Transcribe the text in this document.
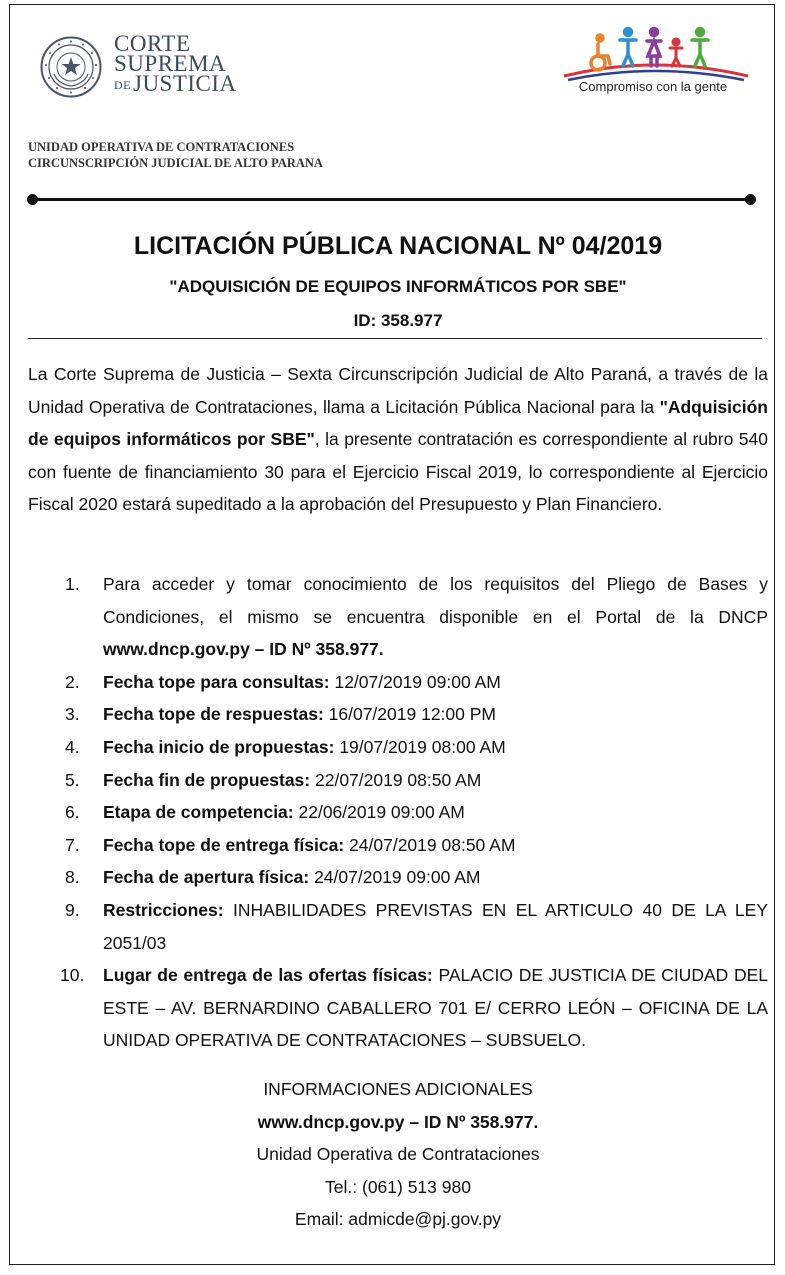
CORTE
SUPREMA
DEJUSTICIA	Compromiso con la gente
UNIDAD OPERATIVA DE CONTRATACIONES
CIRCUNSCRIPCIÓN JUDICIAL DE ALTO PARANA
LICITACIÓN PÚBLICA NACIONAL Nº 04/2019
"ADQUISICIÓN DE EQUIPOS INFORMÁTICOS POR SBE"
ID: 358.977
La Corte Suprema de Justicia – Sexta Circunscripción Judicial de Alto Paraná, a través de la Unidad Operativa de Contrataciones, llama a Licitación Pública Nacional para la "Adquisición de equipos informáticos por SBE", la presente contratación es correspondiente al rubro 540 con fuente de financiamiento 30 para el Ejercicio Fiscal 2019, lo correspondiente al Ejercicio Fiscal 2020 estará supeditado a la aprobación del Presupuesto y Plan Financiero.
1.	Para acceder y tomar conocimiento de los requisitos del Pliego de Bases y Condiciones, el mismo se encuentra disponible en el Portal de la DNCP www.dncp.gov.py – ID Nº 358.977.
2.	Fecha tope para consultas: 12/07/2019 09:00 AM
3.	Fecha tope de respuestas: 16/07/2019 12:00 PM
4.	Fecha inicio de propuestas: 19/07/2019 08:00 AM
5.	Fecha fin de propuestas: 22/07/2019 08:50 AM
6.	Etapa de competencia: 22/06/2019 09:00 AM
7.	Fecha tope de entrega física: 24/07/2019 08:50 AM
8.	Fecha de apertura física: 24/07/2019 09:00 AM
9.	Restricciones: INHABILIDADES PREVISTAS EN EL ARTICULO 40 DE LA LEY 2051/03
10.	Lugar de entrega de las ofertas físicas: PALACIO DE JUSTICIA DE CIUDAD DEL ESTE – AV. BERNARDINO CABALLERO 701 E/ CERRO LEÓN – OFICINA DE LA UNIDAD OPERATIVA DE CONTRATACIONES – SUBSUELO.
INFORMACIONES ADICIONALES
www.dncp.gov.py – ID Nº 358.977.
Unidad Operativa de Contrataciones
Tel.: (061) 513 980
Email: admicde@pj.gov.py
